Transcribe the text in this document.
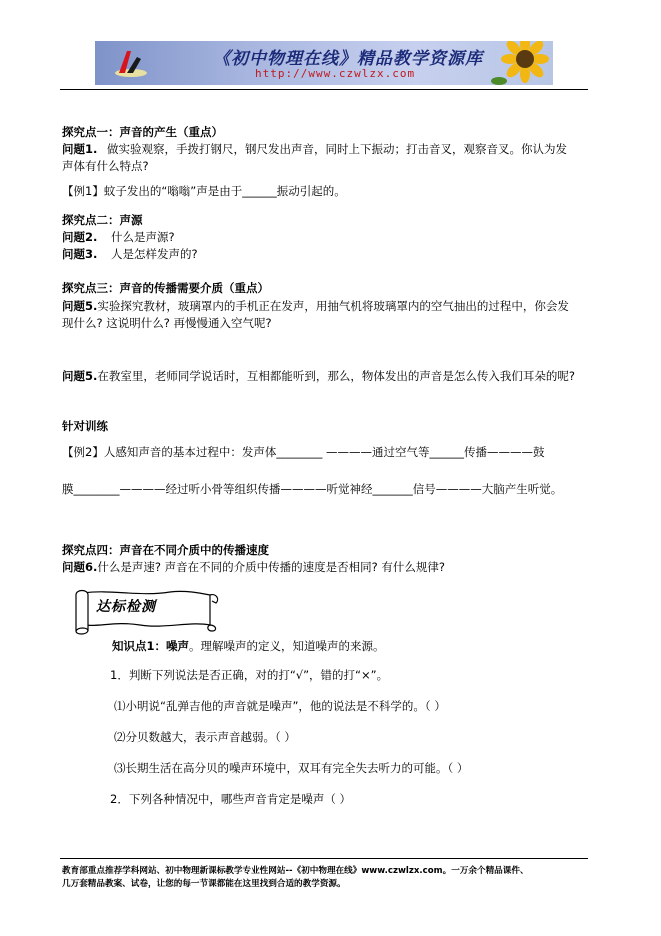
《初中物理在线》精品教学资源库
http://www.czwlzx.com
探究点一：声音的产生（重点）
问题1. 做实验观察，手拨打钢尺，钢尺发出声音，同时上下振动；打击音叉，观察音叉。你认为发
声体有什么特点?
【例1】蚊子发出的“嗡嗡”声是由于______振动引起的。
探究点二：声源
问题2. 什么是声源?
问题3. 人是怎样发声的?
探究点三：声音的传播需要介质（重点）
问题5.实验探究教材，玻璃罩内的手机正在发声，用抽气机将玻璃罩内的空气抽出的过程中，你会发
现什么? 这说明什么? 再慢慢通入空气呢?
问题5.在教室里，老师同学说话时，互相都能听到，那么，物体发出的声音是怎么传入我们耳朵的呢?
针对训练
【例2】人感知声音的基本过程中：发声体________ ————通过空气等______传播————鼓
膜________————经过听小骨等组织传播————听觉神经_______信号————大脑产生听觉。
探究点四：声音在不同介质中的传播速度
问题6.什么是声速? 声音在不同的介质中传播的速度是否相同? 有什么规律?
达标检测
知识点1：噪声。理解噪声的定义，知道噪声的来源。
1．判断下列说法是否正确，对的打“√”，错的打“×”。
⑴小明说“乱弹吉他的声音就是噪声”，他的说法是不科学的。（ ）
⑵分贝数越大，表示声音越弱。（ ）
⑶长期生活在高分贝的噪声环境中，双耳有完全失去听力的可能。（ ）
2．下列各种情况中，哪些声音肯定是噪声（ ）
教育部重点推荐学科网站、初中物理新课标教学专业性网站--《初中物理在线》www.czwlzx.com。一万余个精品课件、
几万套精品教案、试卷，让您的每一节课都能在这里找到合适的教学资源。
